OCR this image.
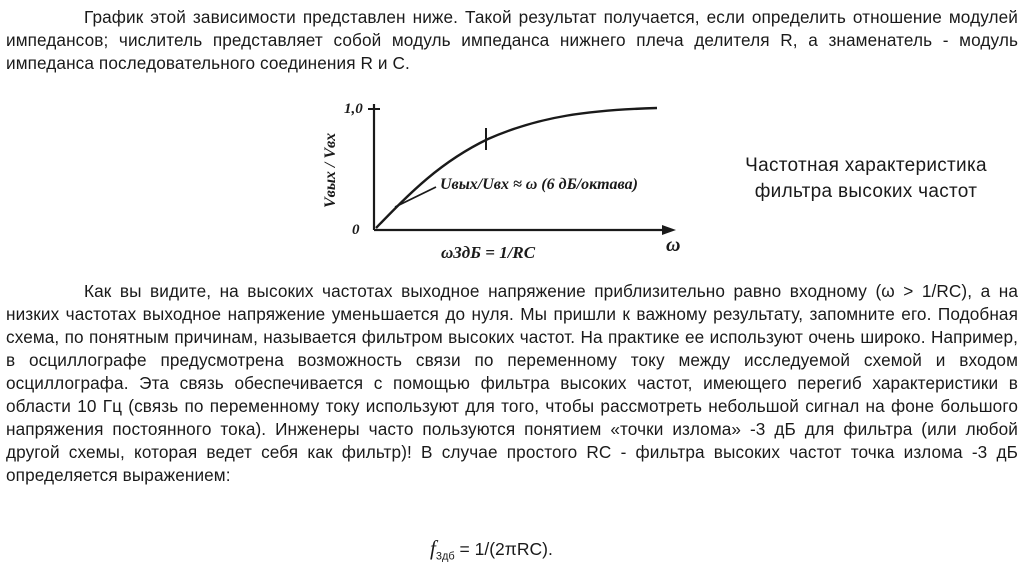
График этой зависимости представлен ниже. Такой результат получается, если определить отношение модулей импедансов; числитель представляет собой модуль импеданса нижнего плеча делителя R, а знаменатель - модуль импеданса последовательного соединения R и C.

1,0
0
ω
Vвых / Vвх	Uвых/Uвх ≈ ω (6 дБ/октава)
ω3дБ = 1/RC
Частотная характеристика
фильтра высоких частот

Как вы видите, на высоких частотах выходное напряжение приблизительно равно входному (ω > 1/RC), а на низких частотах выходное напряжение уменьшается до нуля. Мы пришли к важному результату, запомните его. Подобная схема, по понятным причинам, называется фильтром высоких частот. На практике ее используют очень широко. Например, в осциллографе предусмотрена возможность связи по переменному току между исследуемой схемой и входом осциллографа. Эта связь обеспечивается с помощью фильтра высоких частот, имеющего перегиб характеристики в области 10 Гц (связь по переменному току используют для того, чтобы рассмотреть небольшой сигнал на фоне большого напряжения постоянного тока). Инженеры часто пользуются понятием «точки излома» -3 дБ для фильтра (или любой другой схемы, которая ведет себя как фильтр)! В случае простого RC - фильтра высоких частот точка излома -3 дБ определяется выражением:

$f_{3дб} = 1/(2\pi RC)$.
